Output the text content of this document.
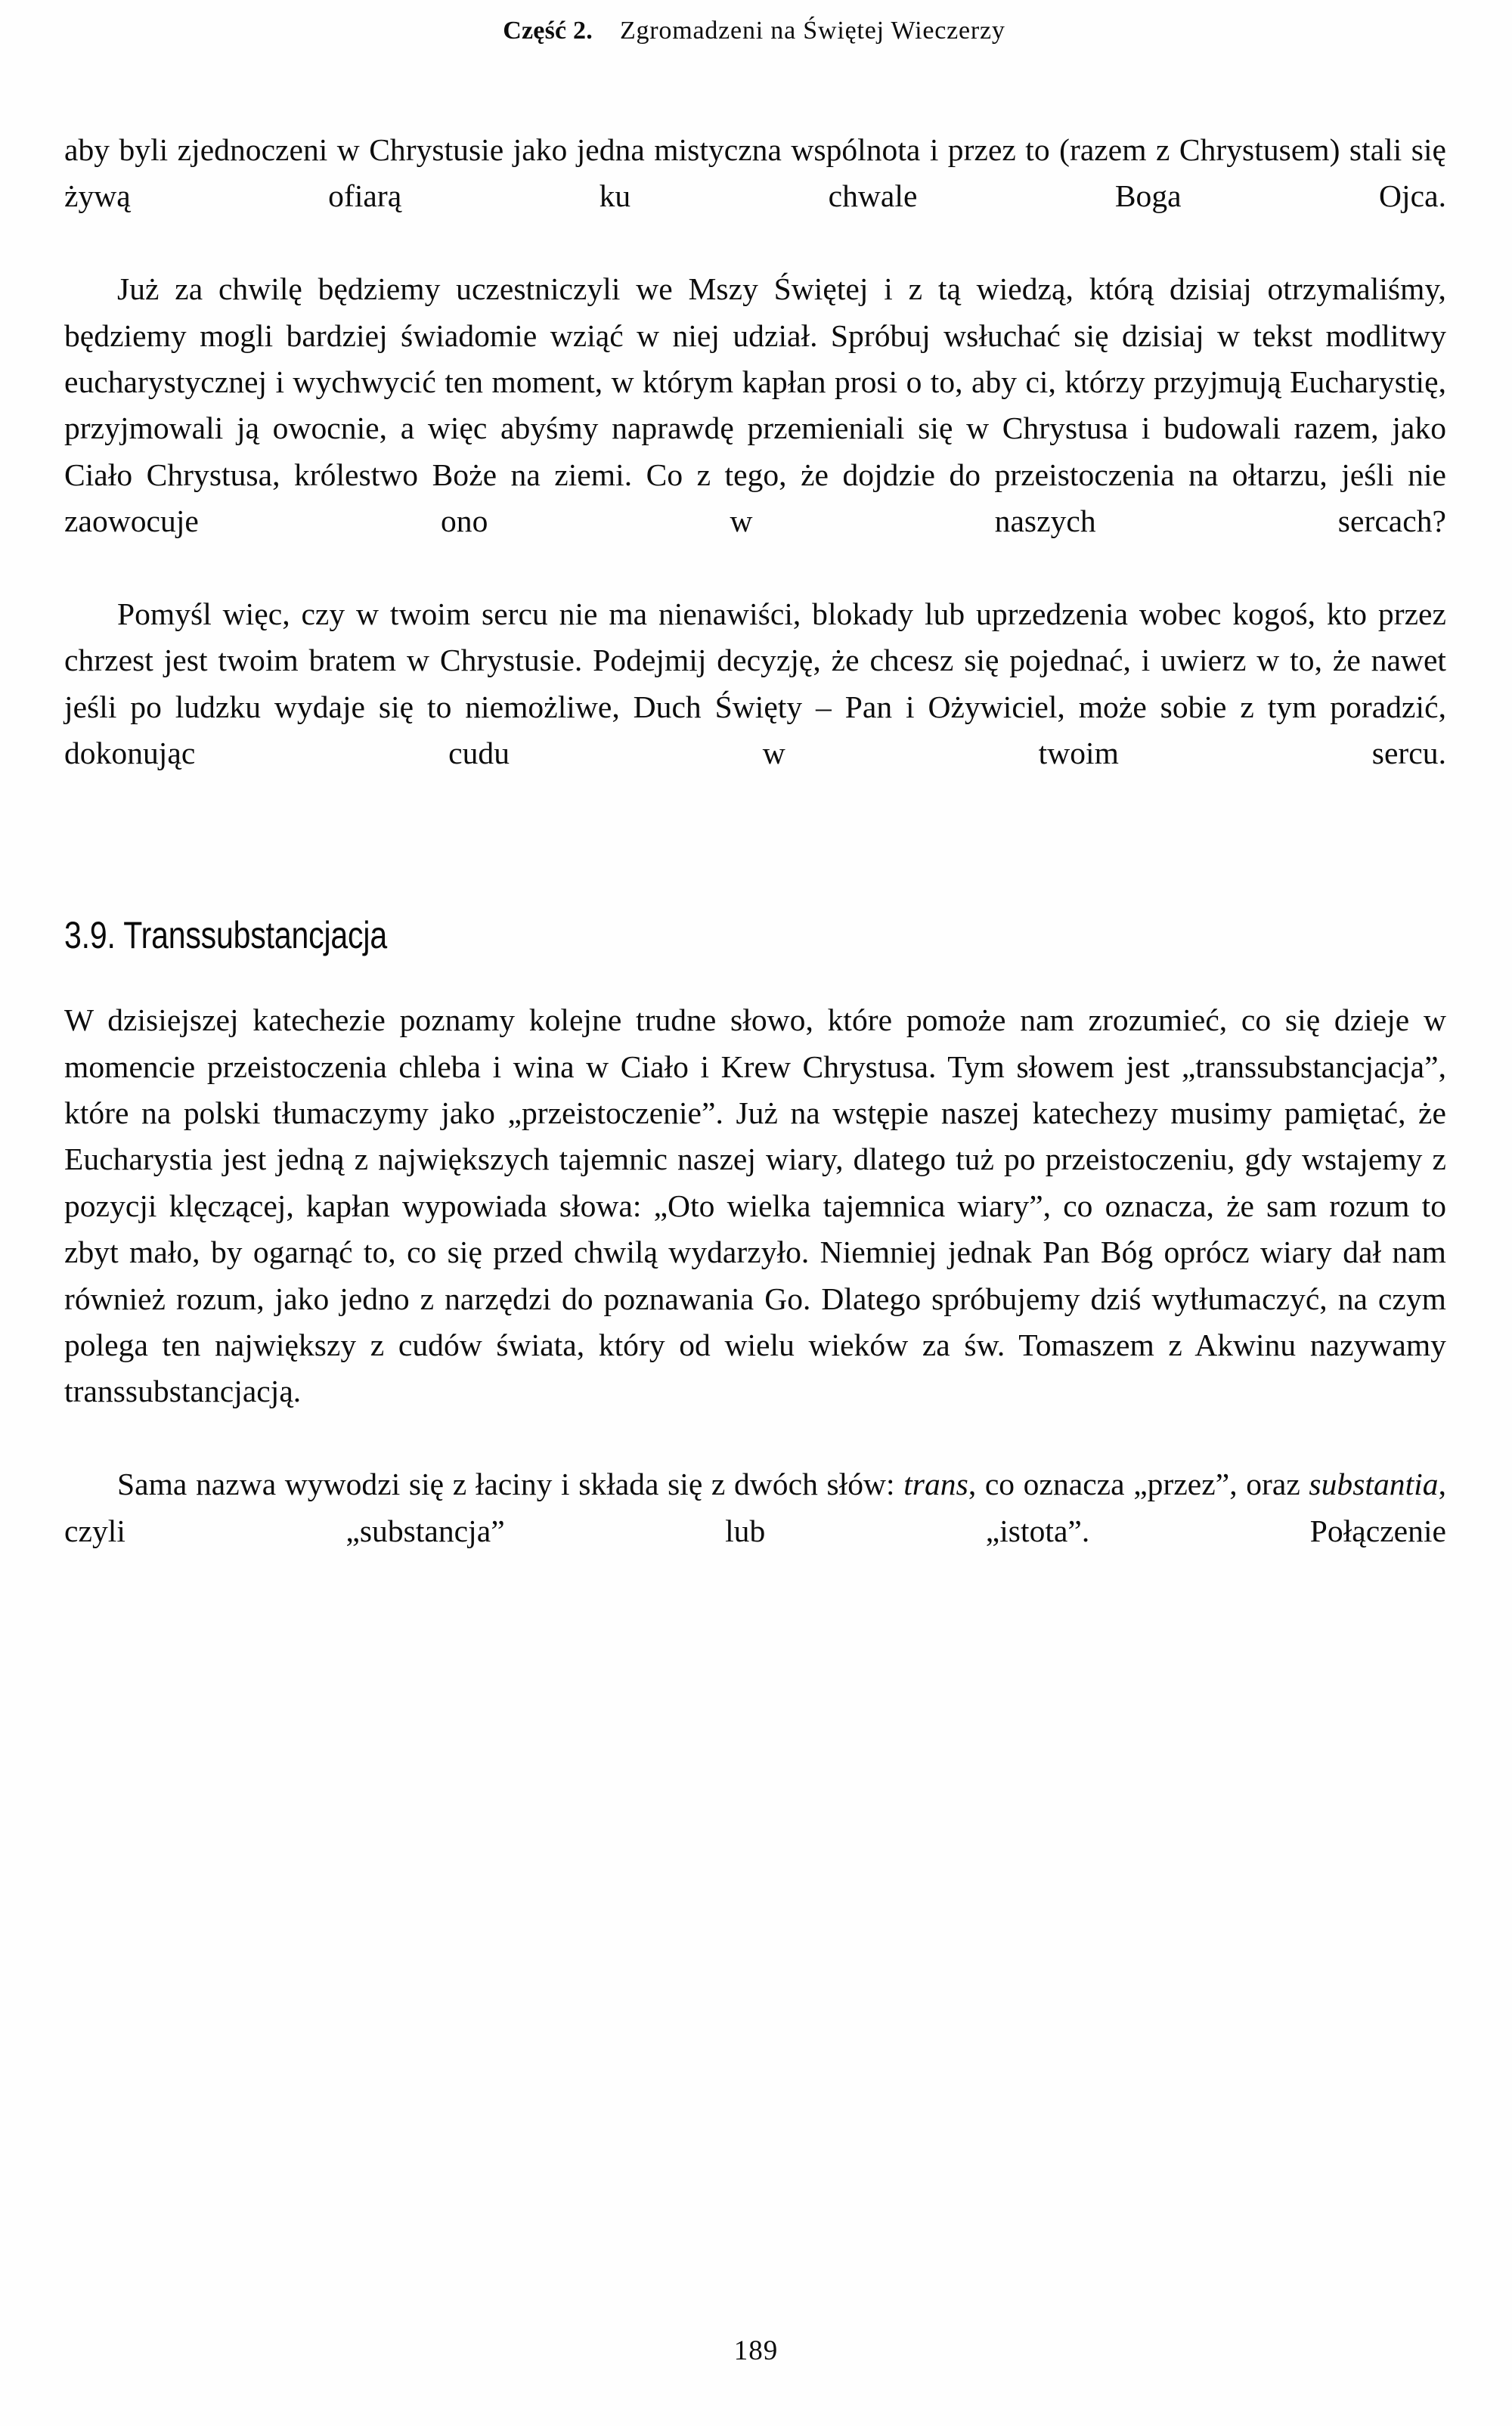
Część 2. Zgromadzeni na Świętej Wieczerzy

aby byli zjednoczeni w Chrystusie jako jedna mistyczna wspólnota i przez to (razem z Chrystusem) stali się żywą ofiarą ku chwale Boga Ojca.

Już za chwilę będziemy uczestniczyli we Mszy Świętej i z tą wiedzą, którą dzisiaj otrzymaliśmy, będziemy mogli bardziej świadomie wziąć w niej udział. Spróbuj wsłuchać się dzisiaj w tekst modlitwy eucharystycznej i wychwycić ten moment, w którym kapłan prosi o to, aby ci, którzy przyjmują Eucharystię, przyjmowali ją owocnie, a więc abyśmy naprawdę przemieniali się w Chrystusa i budowali razem, jako Ciało Chrystusa, królestwo Boże na ziemi. Co z tego, że dojdzie do przeistoczenia na ołtarzu, jeśli nie zaowocuje ono w naszych sercach?

Pomyśl więc, czy w twoim sercu nie ma nienawiści, blokady lub uprzedzenia wobec kogoś, kto przez chrzest jest twoim bratem w Chrystusie. Podejmij decyzję, że chcesz się pojednać, i uwierz w to, że nawet jeśli po ludzku wydaje się to niemożliwe, Duch Święty – Pan i Ożywiciel, może sobie z tym poradzić, dokonując cudu w twoim sercu.

3.9. Transsubstancjacja

W dzisiejszej katechezie poznamy kolejne trudne słowo, które pomoże nam zrozumieć, co się dzieje w momencie przeistoczenia chleba i wina w Ciało i Krew Chrystusa. Tym słowem jest „transsubstancjacja”, które na polski tłumaczymy jako „przeistoczenie”. Już na wstępie naszej katechezy musimy pamiętać, że Eucharystia jest jedną z największych tajemnic naszej wiary, dlatego tuż po przeistoczeniu, gdy wstajemy z pozycji klęczącej, kapłan wypowiada słowa: „Oto wielka tajemnica wiary”, co oznacza, że sam rozum to zbyt mało, by ogarnąć to, co się przed chwilą wydarzyło. Niemniej jednak Pan Bóg oprócz wiary dał nam również rozum, jako jedno z narzędzi do poznawania Go. Dlatego spróbujemy dziś wytłumaczyć, na czym polega ten największy z cudów świata, który od wielu wieków za św. Tomaszem z Akwinu nazywamy transsubstancjacją.

Sama nazwa wywodzi się z łaciny i składa się z dwóch słów: trans, co oznacza „przez”, oraz substantia, czyli „substancja” lub „istota”. Połączenie

189
